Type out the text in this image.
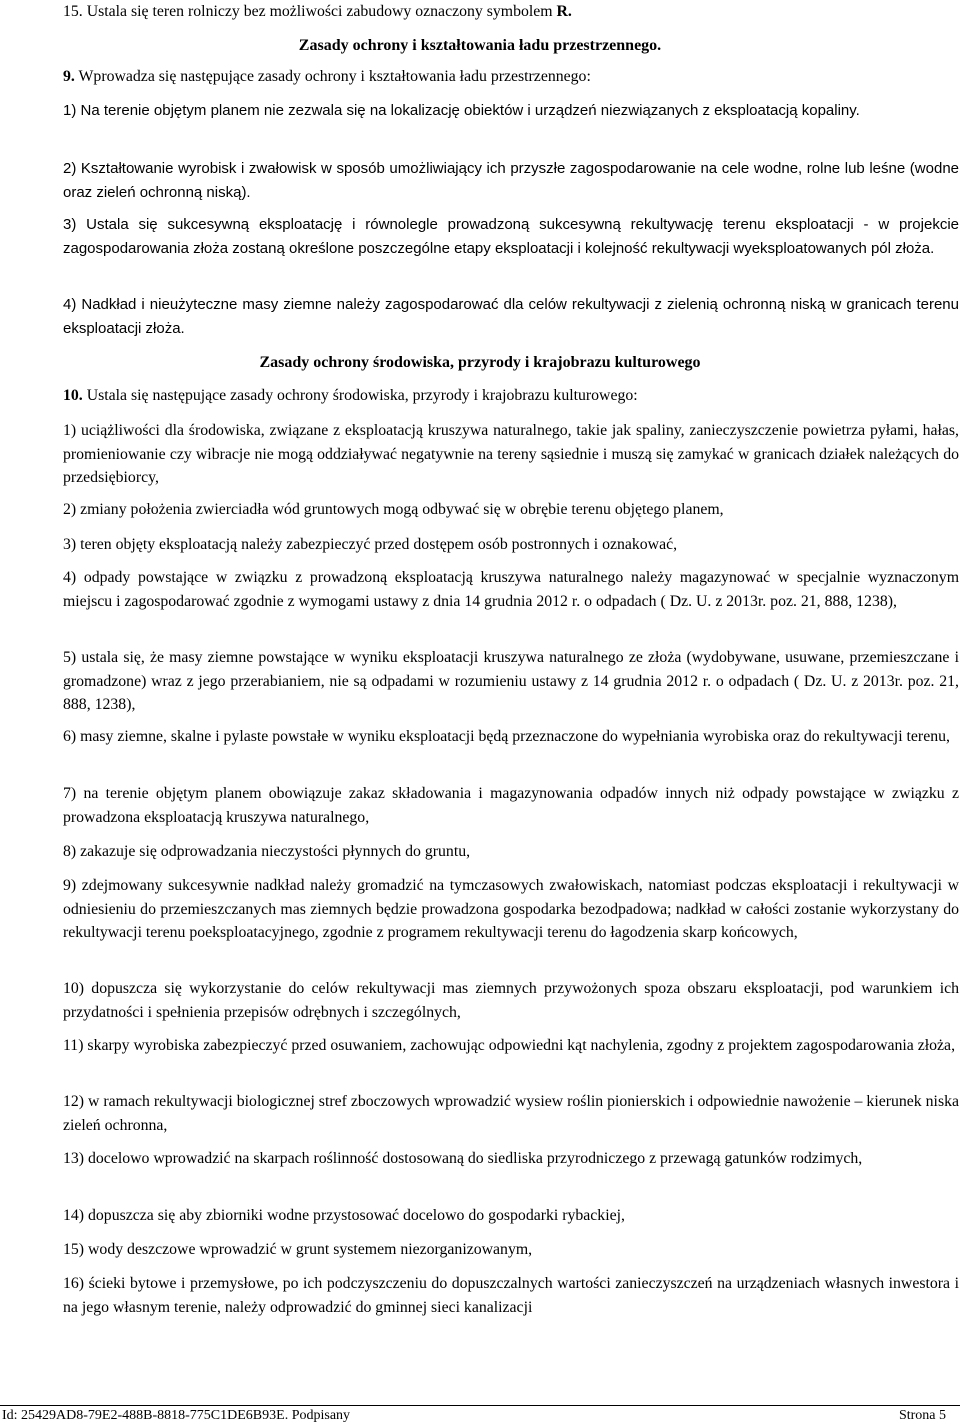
15. Ustala się teren rolniczy bez możliwości zabudowy oznaczony symbolem R.

Zasady ochrony i kształtowania ładu przestrzennego.

9. Wprowadza się następujące zasady ochrony i kształtowania ładu przestrzennego:

1) Na terenie objętym planem nie zezwala się na lokalizację obiektów i urządzeń niezwiązanych z eksploatacją kopaliny.

2) Kształtowanie wyrobisk i zwałowisk w sposób umożliwiający ich przyszłe zagospodarowanie na cele wodne, rolne lub leśne (wodne oraz zieleń ochronną niską).

3) Ustala się sukcesywną eksploatację i równolegle prowadzoną sukcesywną rekultywację terenu eksploatacji - w projekcie zagospodarowania złoża zostaną określone poszczególne etapy eksploatacji i kolejność rekultywacji wyeksploatowanych pól złoża.

4) Nadkład i nieużyteczne masy ziemne należy zagospodarować dla celów rekultywacji z zielenią ochronną niską w granicach terenu eksploatacji złoża.

Zasady ochrony środowiska, przyrody i krajobrazu kulturowego

10. Ustala się następujące zasady ochrony środowiska, przyrody i krajobrazu kulturowego:

1) uciążliwości dla środowiska, związane z eksploatacją kruszywa naturalnego, takie jak spaliny, zanieczyszczenie powietrza pyłami, hałas, promieniowanie czy wibracje nie mogą oddziaływać negatywnie na tereny sąsiednie i muszą się zamykać w granicach działek należących do przedsiębiorcy,

2) zmiany położenia zwierciadła wód gruntowych mogą odbywać się w obrębie terenu objętego planem,

3) teren objęty eksploatacją należy zabezpieczyć przed dostępem osób postronnych i oznakować,

4) odpady powstające w związku z prowadzoną eksploatacją kruszywa naturalnego należy magazynować w specjalnie wyznaczonym miejscu i zagospodarować zgodnie z wymogami ustawy z dnia 14 grudnia 2012 r. o odpadach ( Dz. U. z 2013r. poz. 21, 888, 1238),

5) ustala się, że masy ziemne powstające w wyniku eksploatacji kruszywa naturalnego ze złoża (wydobywane, usuwane, przemieszczane i gromadzone) wraz z jego przerabianiem, nie są odpadami w rozumieniu ustawy z 14 grudnia 2012 r. o odpadach ( Dz. U. z 2013r. poz. 21, 888, 1238),

6) masy ziemne, skalne i pylaste powstałe w wyniku eksploatacji będą przeznaczone do wypełniania wyrobiska oraz do rekultywacji terenu,

7) na terenie objętym planem obowiązuje zakaz składowania i magazynowania odpadów innych niż odpady powstające w związku z prowadzona eksploatacją kruszywa naturalnego,

8) zakazuje się odprowadzania nieczystości płynnych do gruntu,

9) zdejmowany sukcesywnie nadkład należy gromadzić na tymczasowych zwałowiskach, natomiast podczas eksploatacji i rekultywacji w odniesieniu do przemieszczanych mas ziemnych będzie prowadzona gospodarka bezodpadowa; nadkład w całości zostanie wykorzystany do rekultywacji terenu poeksploatacyjnego, zgodnie z programem rekultywacji terenu do łagodzenia skarp końcowych,

10) dopuszcza się wykorzystanie do celów rekultywacji mas ziemnych przywożonych spoza obszaru eksploatacji, pod warunkiem ich przydatności i spełnienia przepisów odrębnych i szczególnych,

11) skarpy wyrobiska zabezpieczyć przed osuwaniem, zachowując odpowiedni kąt nachylenia, zgodny z projektem zagospodarowania złoża,

12) w ramach rekultywacji biologicznej stref zboczowych wprowadzić wysiew roślin pionierskich i odpowiednie nawożenie – kierunek niska zieleń ochronna,

13) docelowo wprowadzić na skarpach roślinność dostosowaną do siedliska przyrodniczego z przewagą gatunków rodzimych,

14) dopuszcza się aby zbiorniki wodne przystosować docelowo do gospodarki rybackiej,

15) wody deszczowe wprowadzić w grunt systemem niezorganizowanym,

16) ścieki bytowe i przemysłowe, po ich podczyszczeniu do dopuszczalnych wartości zanieczyszczeń na urządzeniach własnych inwestora i na jego własnym terenie, należy odprowadzić do gminnej sieci kanalizacji

Id: 25429AD8-79E2-488B-8818-775C1DE6B93E. Podpisany	Strona 5
